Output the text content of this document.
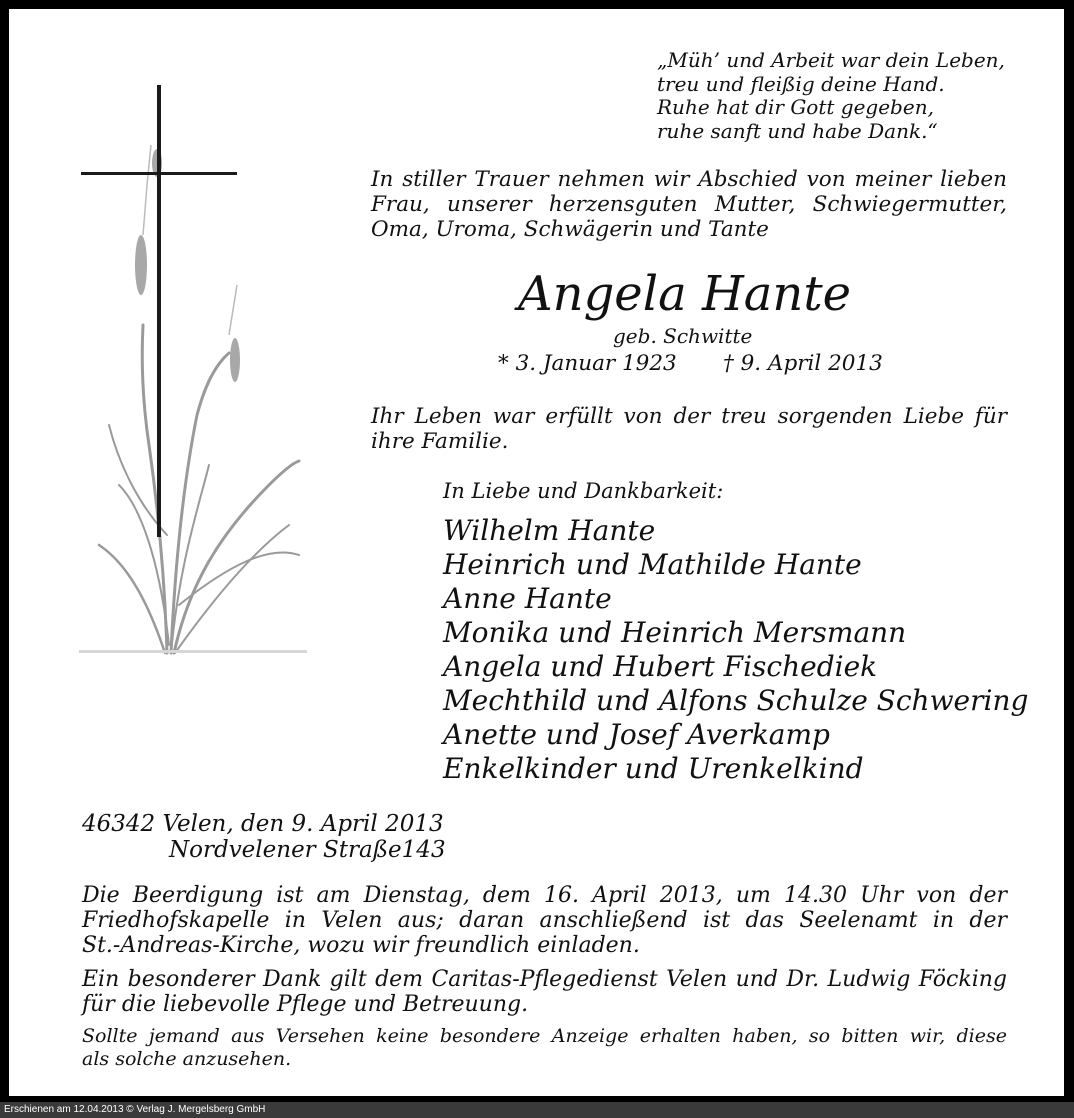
„Müh’ und Arbeit war dein Leben,
treu und fleißig deine Hand.
Ruhe hat dir Gott gegeben,
ruhe sanft und habe Dank.“
In stiller Trauer nehmen wir Abschied von meiner lieben
Frau, unserer herzensguten Mutter, Schwiegermutter,
Oma, Uroma, Schwägerin und Tante
Angela Hante
geb. Schwitte
* 3. Januar 1923 † 9. April 2013
Ihr Leben war erfüllt von der treu sorgenden Liebe für
ihre Familie.
In Liebe und Dankbarkeit:
Wilhelm Hante
Heinrich und Mathilde Hante
Anne Hante
Monika und Heinrich Mersmann
Angela und Hubert Fischediek
Mechthild und Alfons Schulze Schwering
Anette und Josef Averkamp
Enkelkinder und Urenkelkind
46342 Velen, den 9. April 2013
Nordvelener Straße143
Die Beerdigung ist am Dienstag, dem 16. April 2013, um 14.30 Uhr von der
Friedhofskapelle in Velen aus; daran anschließend ist das Seelenamt in der
St.-Andreas-Kirche, wozu wir freundlich einladen.
Ein besonderer Dank gilt dem Caritas-Pflegedienst Velen und Dr. Ludwig Föcking
für die liebevolle Pflege und Betreuung.
Sollte jemand aus Versehen keine besondere Anzeige erhalten haben, so bitten wir, diese
als solche anzusehen.
Erschienen am 12.04.2013 © Verlag J. Mergelsberg GmbH
